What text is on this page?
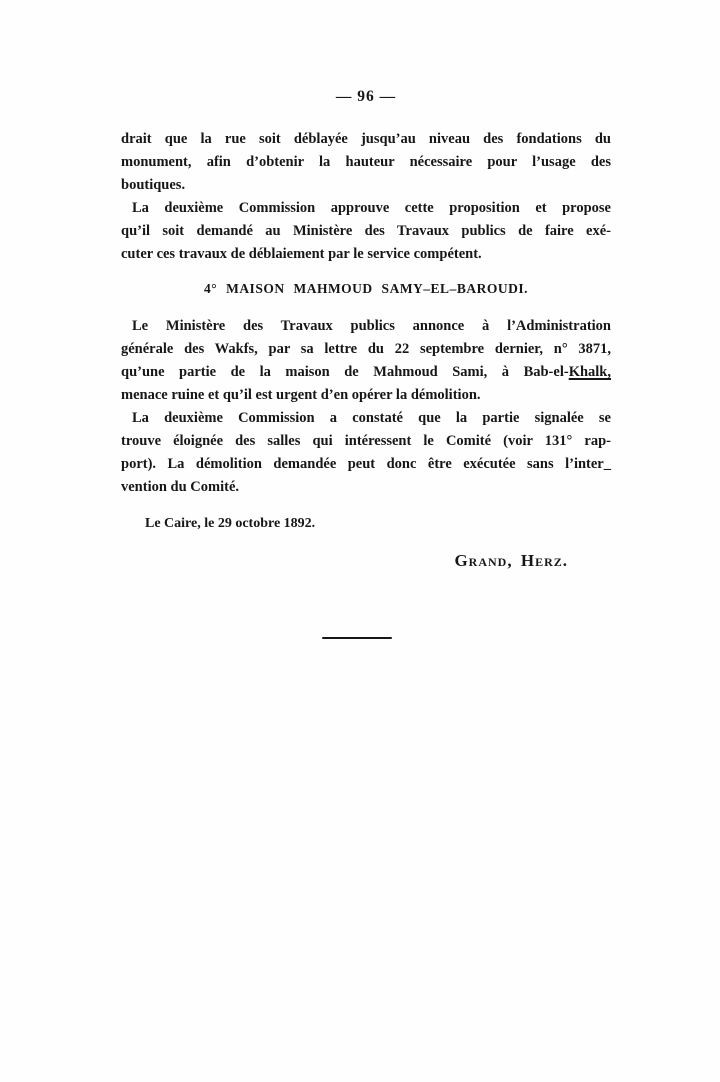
— 96 —
drait que la rue soit déblayée jusqu’au niveau des fondations du
monument, afin d’obtenir la hauteur nécessaire pour l’usage des
boutiques.
La deuxième Commission approuve cette proposition et propose
qu’il soit demandé au Ministère des Travaux publics de faire exé-
cuter ces travaux de déblaiement par le service compétent.
4° MAISON MAHMOUD SAMY–EL–BAROUDI.
Le Ministère des Travaux publics annonce à l’Administration
générale des Wakfs, par sa lettre du 22 septembre dernier, n° 3871,
qu’une partie de la maison de Mahmoud Sami, à Bab-el-Khalk,
menace ruine et qu’il est urgent d’en opérer la démolition.
La deuxième Commission a constaté que la partie signalée se
trouve éloignée des salles qui intéressent le Comité (voir 131° rap-
port). La démolition demandée peut donc être exécutée sans l’inter_
vention du Comité.
Le Caire, le 29 octobre 1892.
Grand, Herz.
